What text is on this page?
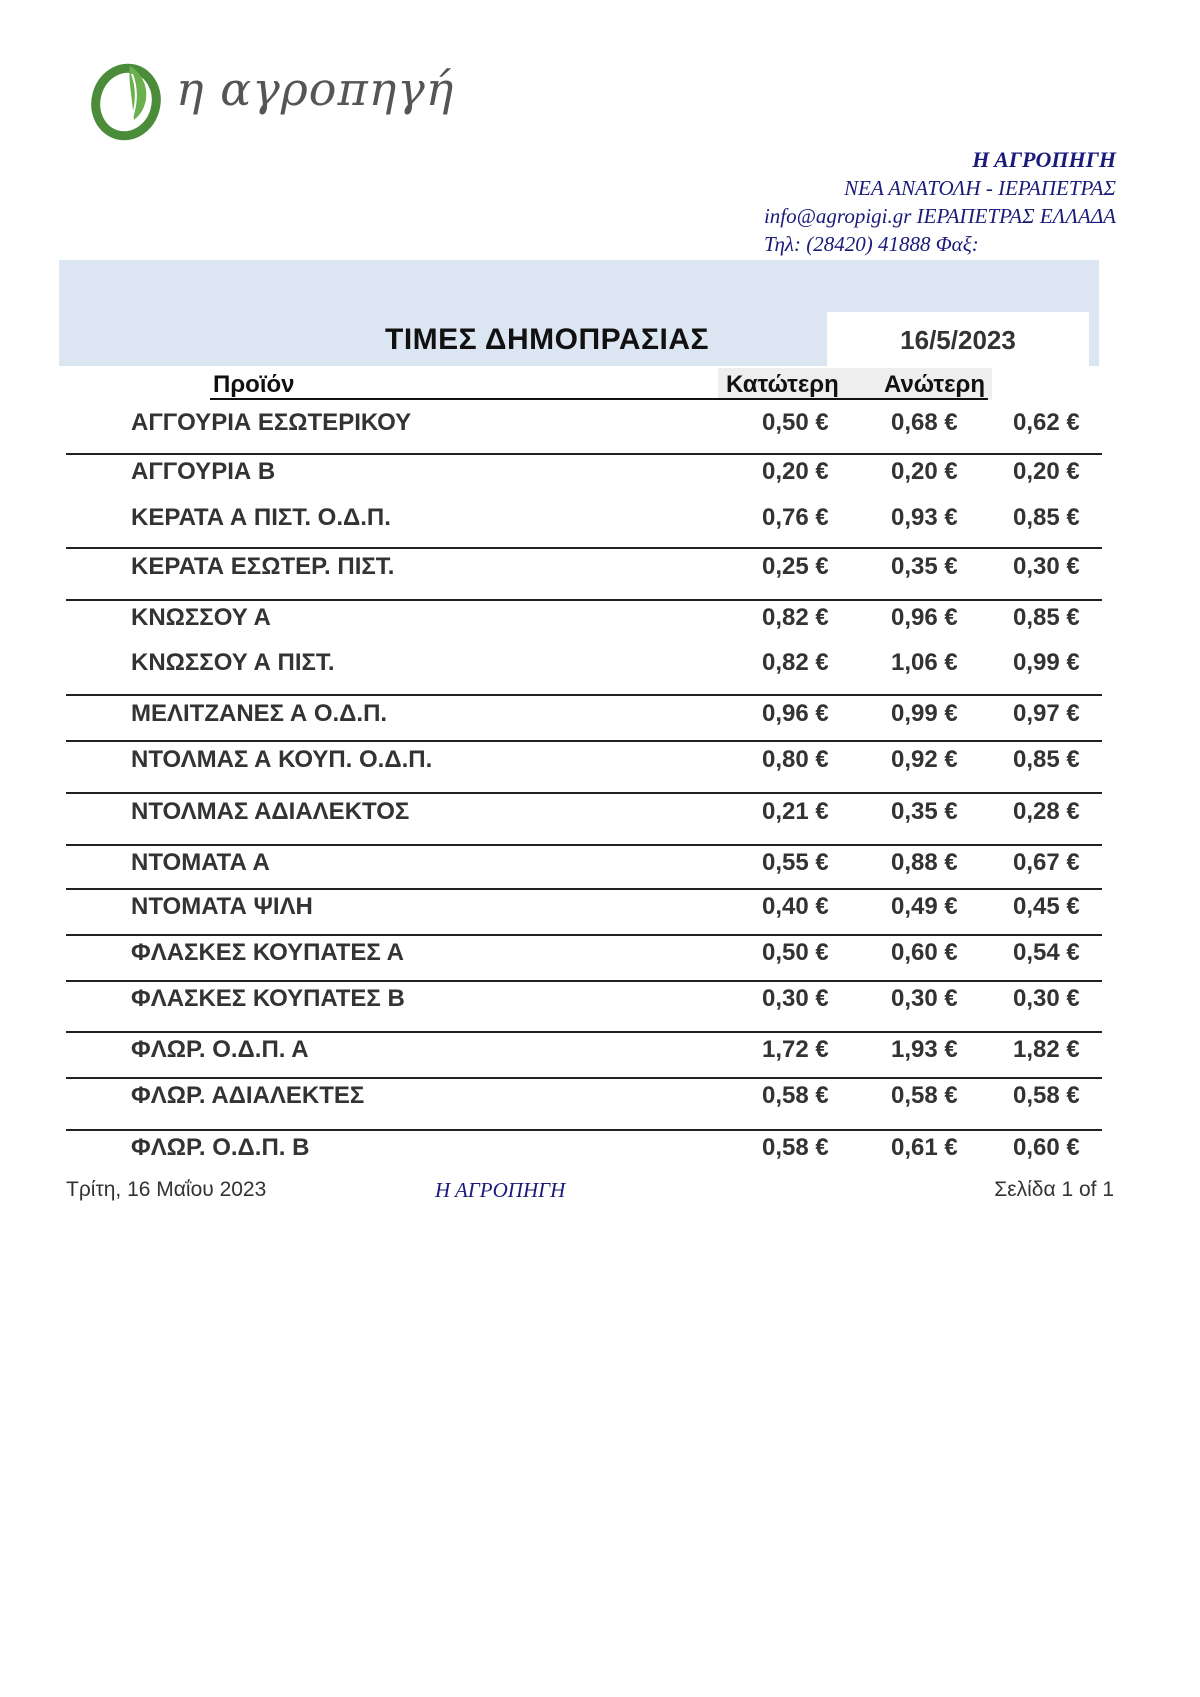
η αγροπηγή
Η ΑΓΡΟΠΗΓΗ
ΝΕΑ ΑΝΑΤΟΛΗ - ΙΕΡΑΠΕΤΡΑΣ
info@agropigi.gr ΙΕΡΑΠΕΤΡΑΣ ΕΛΛΑΔΑ
Τηλ: (28420) 41888 Φαξ:
ΤΙΜΕΣ ΔΗΜΟΠΡΑΣΙΑΣ	16/5/2023
Προϊόν	Κατώτερη Ανώτερη
ΑΓΓΟΥΡΙΑ ΕΣΩΤΕΡΙΚΟΥ	0,50 €	0,68 € 0,62 €
ΑΓΓΟΥΡΙΑ Β	0,20 €	0,20 € 0,20 €
ΚΕΡΑΤΑ Α ΠΙΣΤ. Ο.Δ.Π.	0,76 €	0,93 € 0,85 €
ΚΕΡΑΤΑ ΕΣΩΤΕΡ. ΠΙΣΤ.	0,25 €	0,35 € 0,30 €
ΚΝΩΣΣΟΥ Α	0,82 €	0,96 € 0,85 €
ΚΝΩΣΣΟΥ Α ΠΙΣΤ.	0,82 €	1,06 € 0,99 €
ΜΕΛΙΤΖΑΝΕΣ Α Ο.Δ.Π.	0,96 €	0,99 € 0,97 €
ΝΤΟΛΜΑΣ Α ΚΟΥΠ. Ο.Δ.Π.	0,80 €	0,92 € 0,85 €
ΝΤΟΛΜΑΣ ΑΔΙΑΛΕΚΤΟΣ	0,21 €	0,35 € 0,28 €
ΝΤΟΜΑΤΑ Α	0,55 €	0,88 € 0,67 €
ΝΤΟΜΑΤΑ ΨΙΛΗ	0,40 €	0,49 € 0,45 €
ΦΛΑΣΚΕΣ ΚΟΥΠΑΤΕΣ Α	0,50 €	0,60 € 0,54 €
ΦΛΑΣΚΕΣ ΚΟΥΠΑΤΕΣ Β	0,30 €	0,30 € 0,30 €
ΦΛΩΡ. Ο.Δ.Π. Α	1,72 €	1,93 € 1,82 €
ΦΛΩΡ. ΑΔΙΑΛΕΚΤΕΣ	0,58 €	0,58 € 0,58 €
ΦΛΩΡ. Ο.Δ.Π. Β	0,58 €	0,61 € 0,60 €
Τρίτη, 16 Μαΐου 2023	Η ΑΓΡΟΠΗΓΗ	Σελίδα 1 of 1
